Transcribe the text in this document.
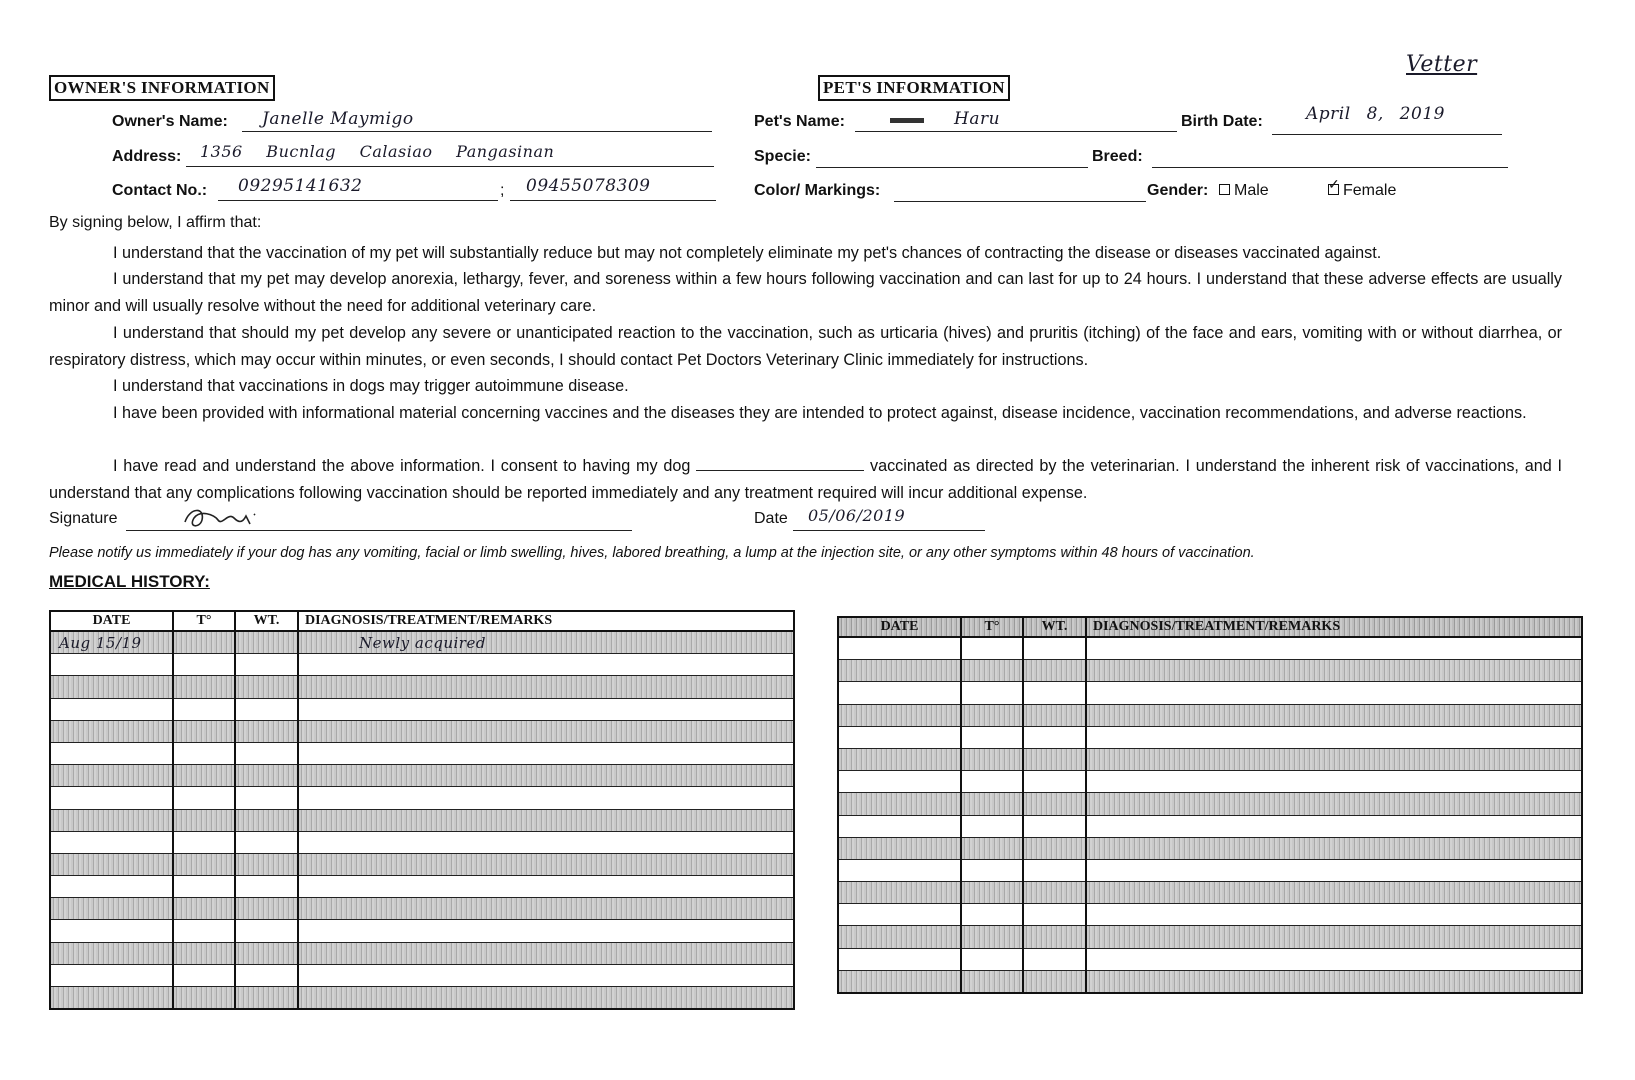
Vetter
OWNER'S INFORMATION
Owner's Name: Janelle Maymigo
Address: 1356 Bucnlag Calasiao Pangasinan
Contact No.: 09295141632	; 09455078309
PET'S INFORMATION
Pet's Name:	Haru	Birth Date:	April 8, 2019
Specie:	Breed:
Color/ Markings:	Gender:	Male	✓ Female
By signing below, I affirm that:
I understand that the vaccination of my pet will substantially reduce but may not completely eliminate my pet's chances of contracting the disease or diseases vaccinated against.
I understand that my pet may develop anorexia, lethargy, fever, and soreness within a few hours following vaccination and can last for up to 24 hours. I understand that these adverse effects are usually minor and will usually resolve without the need for additional veterinary care.
I understand that should my pet develop any severe or unanticipated reaction to the vaccination, such as urticaria (hives) and pruritis (itching) of the face and ears, vomiting with or without diarrhea, or respiratory distress, which may occur within minutes, or even seconds, I should contact Pet Doctors Veterinary Clinic immediately for instructions.
I understand that vaccinations in dogs may trigger autoimmune disease.
I have been provided with informational material concerning vaccines and the diseases they are intended to protect against, disease incidence, vaccination recommendations, and adverse reactions.
I have read and understand the above information. I consent to having my dog	vaccinated as directed by the veterinarian. I understand the inherent risk of vaccinations, and I understand that any complications following vaccination should be reported immediately and any treatment required will incur additional expense.
Signature	Date 05/06/2019
Please notify us immediately if your dog has any vomiting, facial or limb swelling, hives, labored breathing, a lump at the injection site, or any other symptoms within 48 hours of vaccination.
MEDICAL HISTORY:
DATE	T°	WT.	DIAGNOSIS/TREATMENT/REMARKS
Aug 15/19			Newly acquired

DATE	T°	WT.	DIAGNOSIS/TREATMENT/REMARKS
